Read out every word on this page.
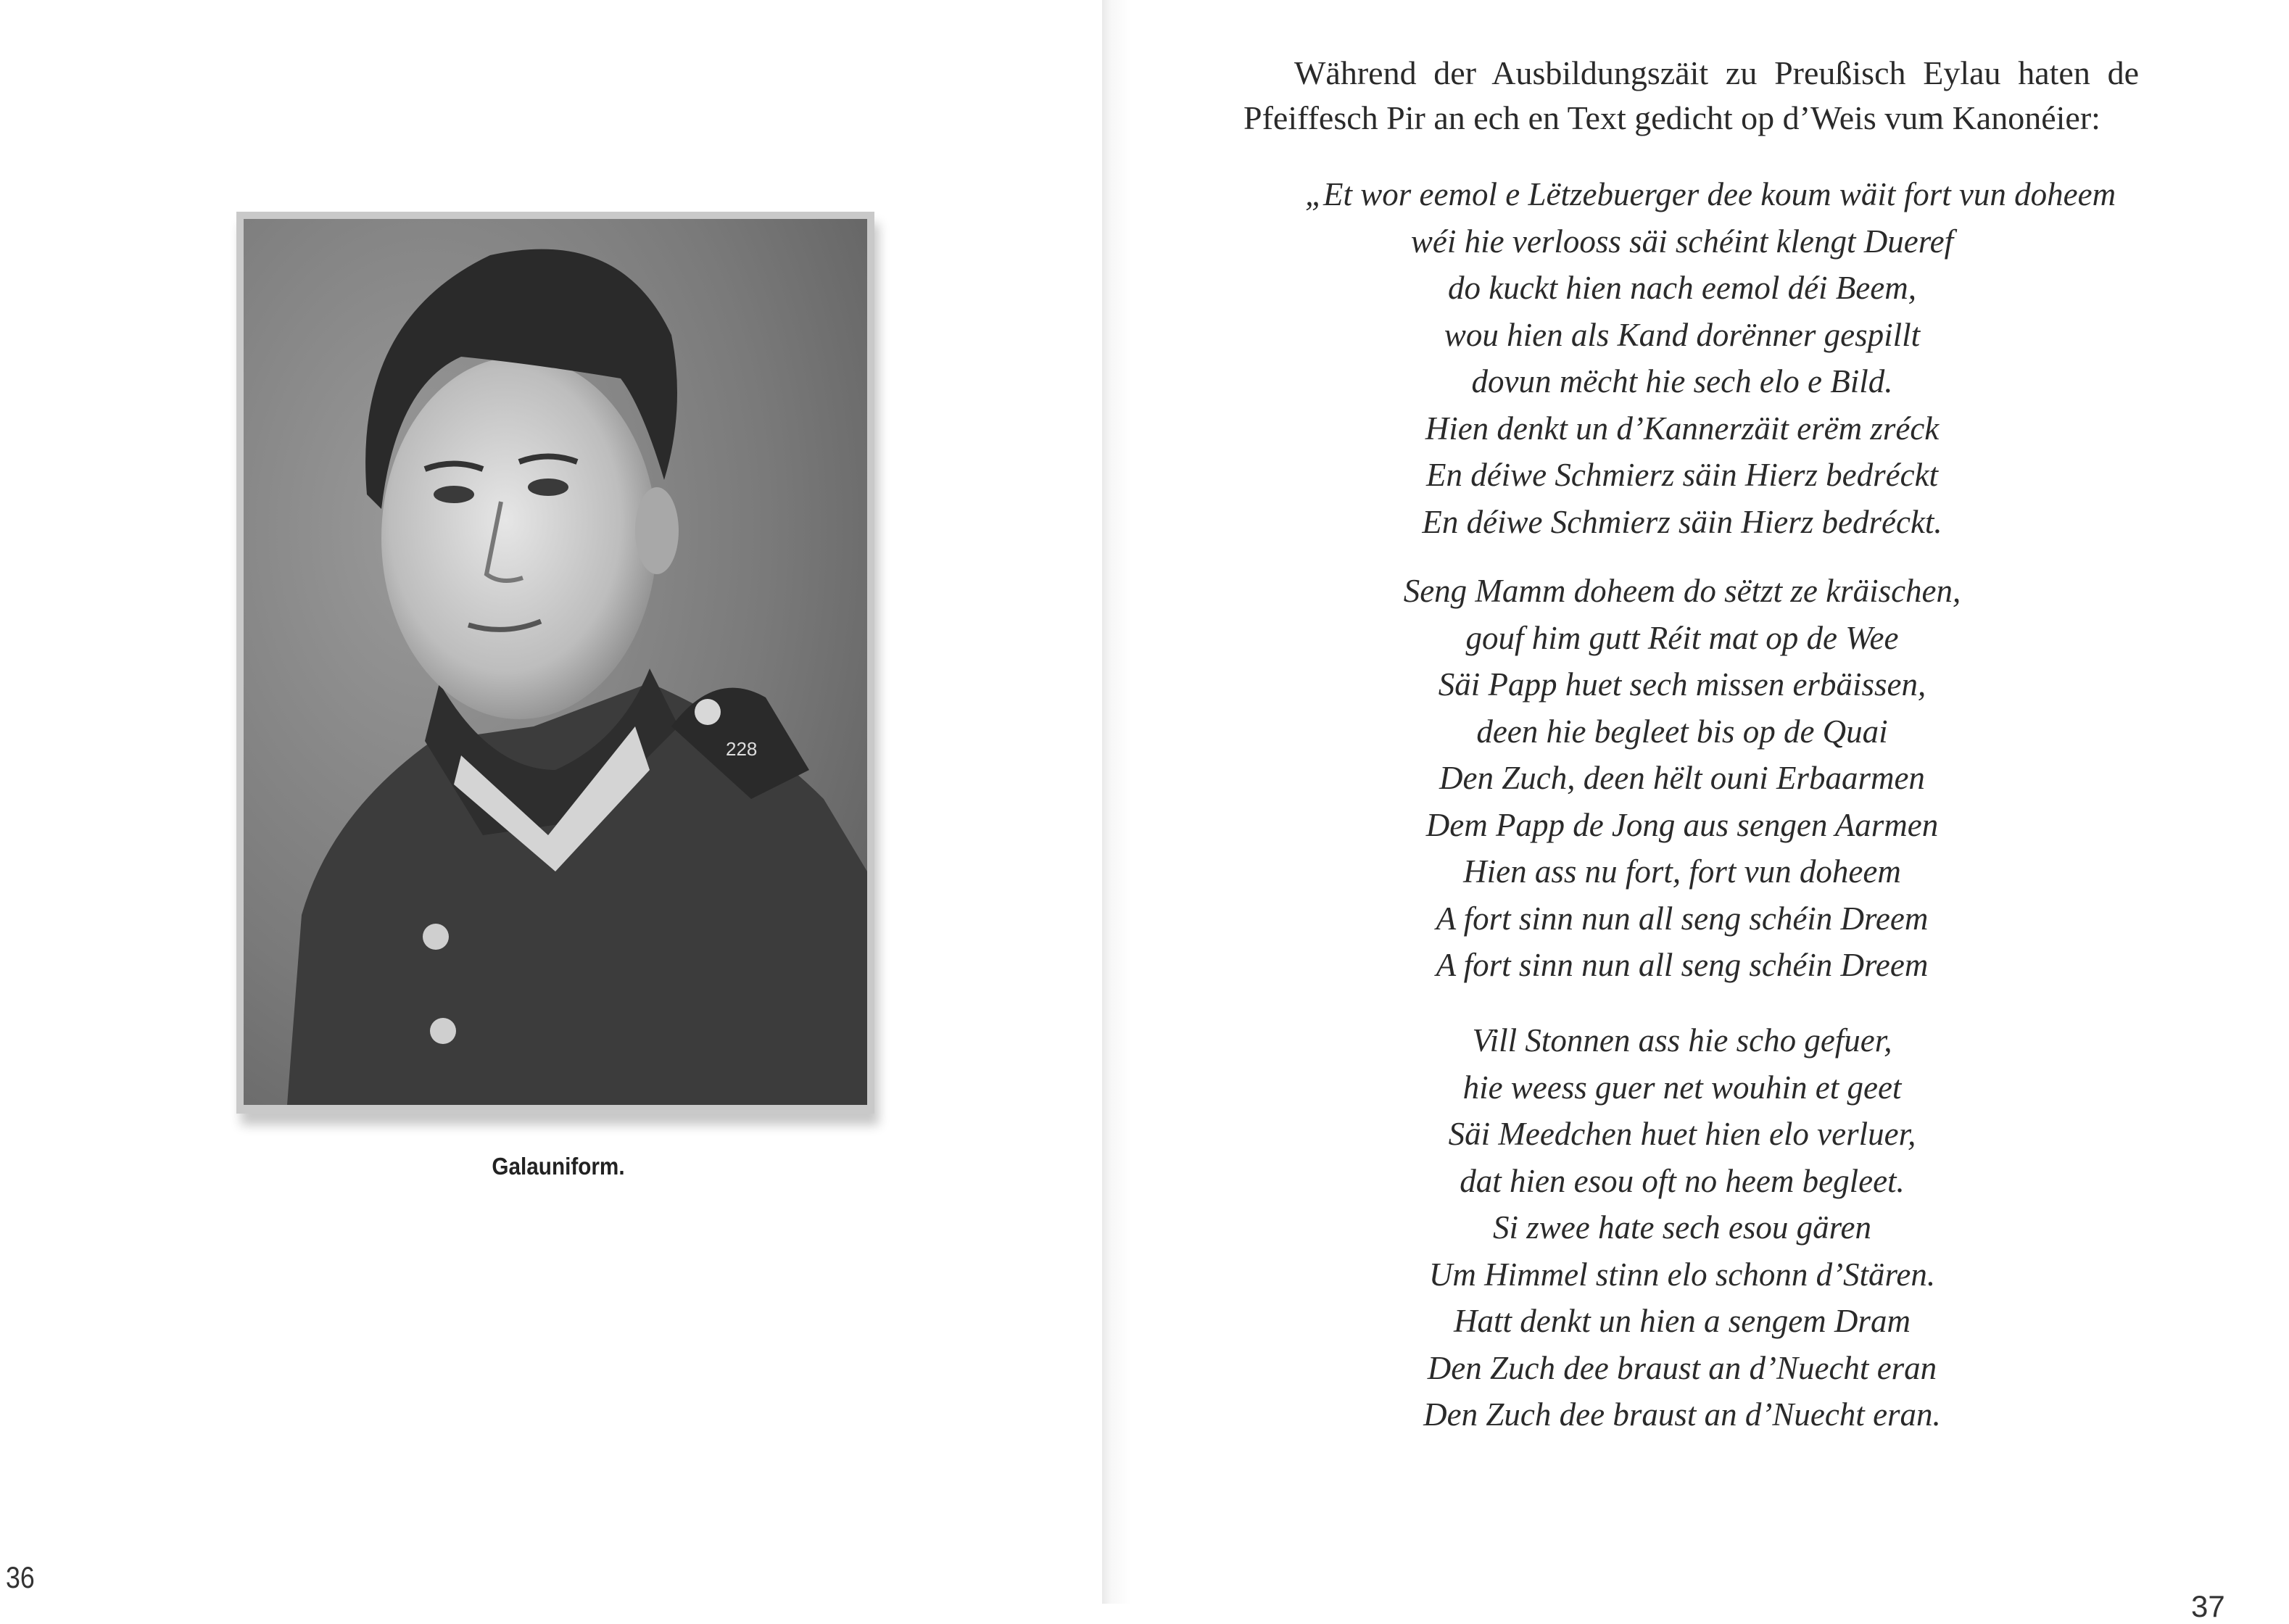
228
Galauniform.
36
Während der Ausbildungszäit zu Preußisch Eylau haten de
Pfeiffesch Pir an ech en Text gedicht op d’Weis vum Kanonéier:
„Et wor eemol e Lëtzebuerger dee koum wäit fort vun doheem
wéi hie verlooss säi schéint klengt Dueref
do kuckt hien nach eemol déi Beem,
wou hien als Kand dorënner gespillt
dovun mëcht hie sech elo e Bild.
Hien denkt un d’Kannerzäit erëm zréck
En déiwe Schmierz säin Hierz bedréckt
En déiwe Schmierz säin Hierz bedréckt.
Seng Mamm doheem do sëtzt ze kräischen,
gouf him gutt Réit mat op de Wee
Säi Papp huet sech missen erbäissen,
deen hie begleet bis op de Quai
Den Zuch, deen hëlt ouni Erbaarmen
Dem Papp de Jong aus sengen Aarmen
Hien ass nu fort, fort vun doheem
A fort sinn nun all seng schéin Dreem
A fort sinn nun all seng schéin Dreem
Vill Stonnen ass hie scho gefuer,
hie weess guer net wouhin et geet
Säi Meedchen huet hien elo verluer,
dat hien esou oft no heem begleet.
Si zwee hate sech esou gären
Um Himmel stinn elo schonn d’Stären.
Hatt denkt un hien a sengem Dram
Den Zuch dee braust an d’Nuecht eran
Den Zuch dee braust an d’Nuecht eran.
37
